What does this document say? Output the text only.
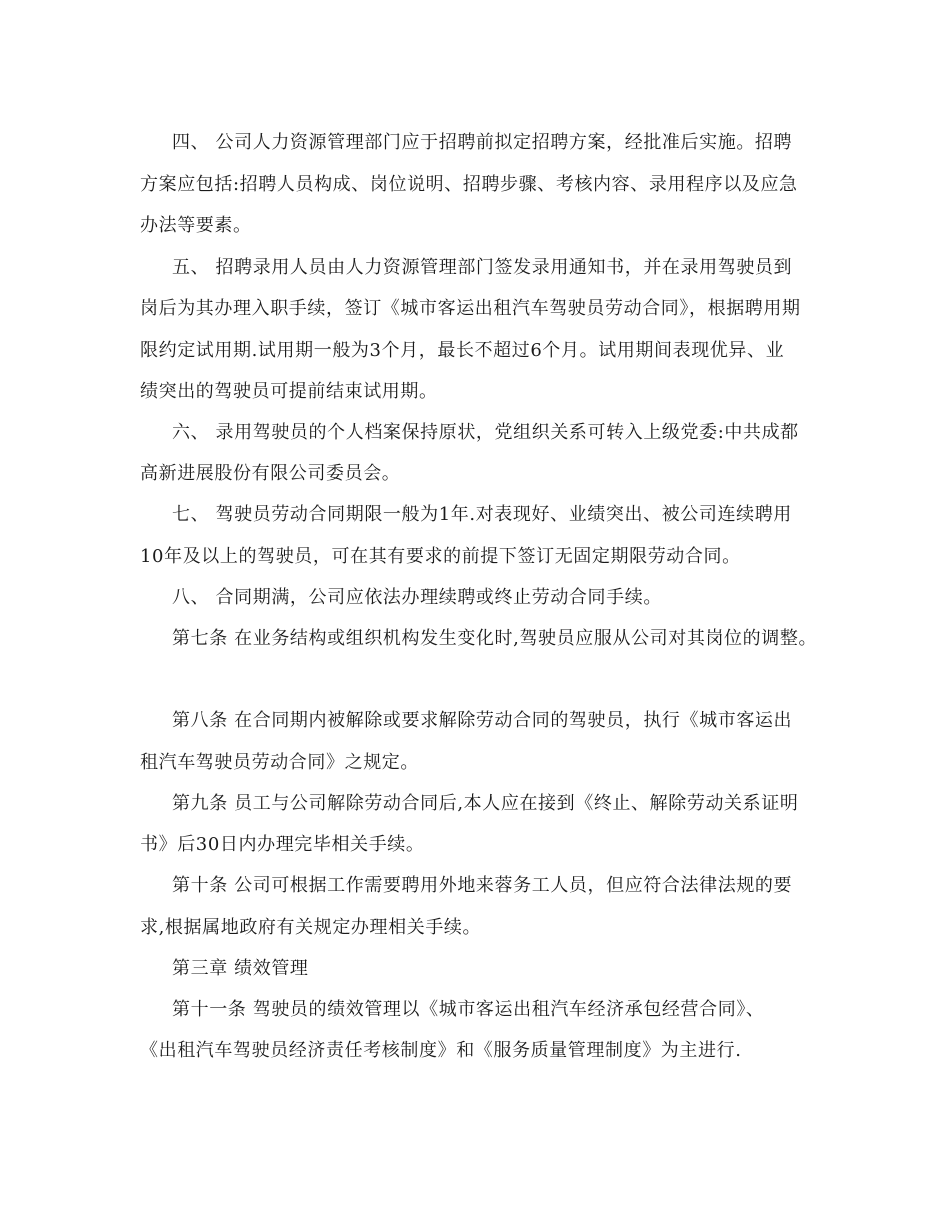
四、 公司人力资源管理部门应于招聘前拟定招聘方案，经批准后实施。招聘
方案应包括:招聘人员构成、岗位说明、招聘步骤、考核内容、录用程序以及应急
办法等要素。
五、 招聘录用人员由人力资源管理部门签发录用通知书，并在录用驾驶员到
岗后为其办理入职手续，签订《城市客运出租汽车驾驶员劳动合同》，根据聘用期
限约定试用期.试用期一般为3个月，最长不超过6个月。试用期间表现优异、业
绩突出的驾驶员可提前结束试用期。
六、 录用驾驶员的个人档案保持原状，党组织关系可转入上级党委:中共成都
高新进展股份有限公司委员会。
七、 驾驶员劳动合同期限一般为1年.对表现好、业绩突出、被公司连续聘用
10年及以上的驾驶员，可在其有要求的前提下签订无固定期限劳动合同。
八、 合同期满，公司应依法办理续聘或终止劳动合同手续。
第七条 在业务结构或组织机构发生变化时,驾驶员应服从公司对其岗位的调整。
第八条 在合同期内被解除或要求解除劳动合同的驾驶员，执行《城市客运出
租汽车驾驶员劳动合同》之规定。
第九条 员工与公司解除劳动合同后,本人应在接到《终止、解除劳动关系证明
书》后30日内办理完毕相关手续。
第十条 公司可根据工作需要聘用外地来蓉务工人员，但应符合法律法规的要
求,根据属地政府有关规定办理相关手续。
第三章 绩效管理
第十一条 驾驶员的绩效管理以《城市客运出租汽车经济承包经营合同》、
《出租汽车驾驶员经济责任考核制度》和《服务质量管理制度》为主进行.
